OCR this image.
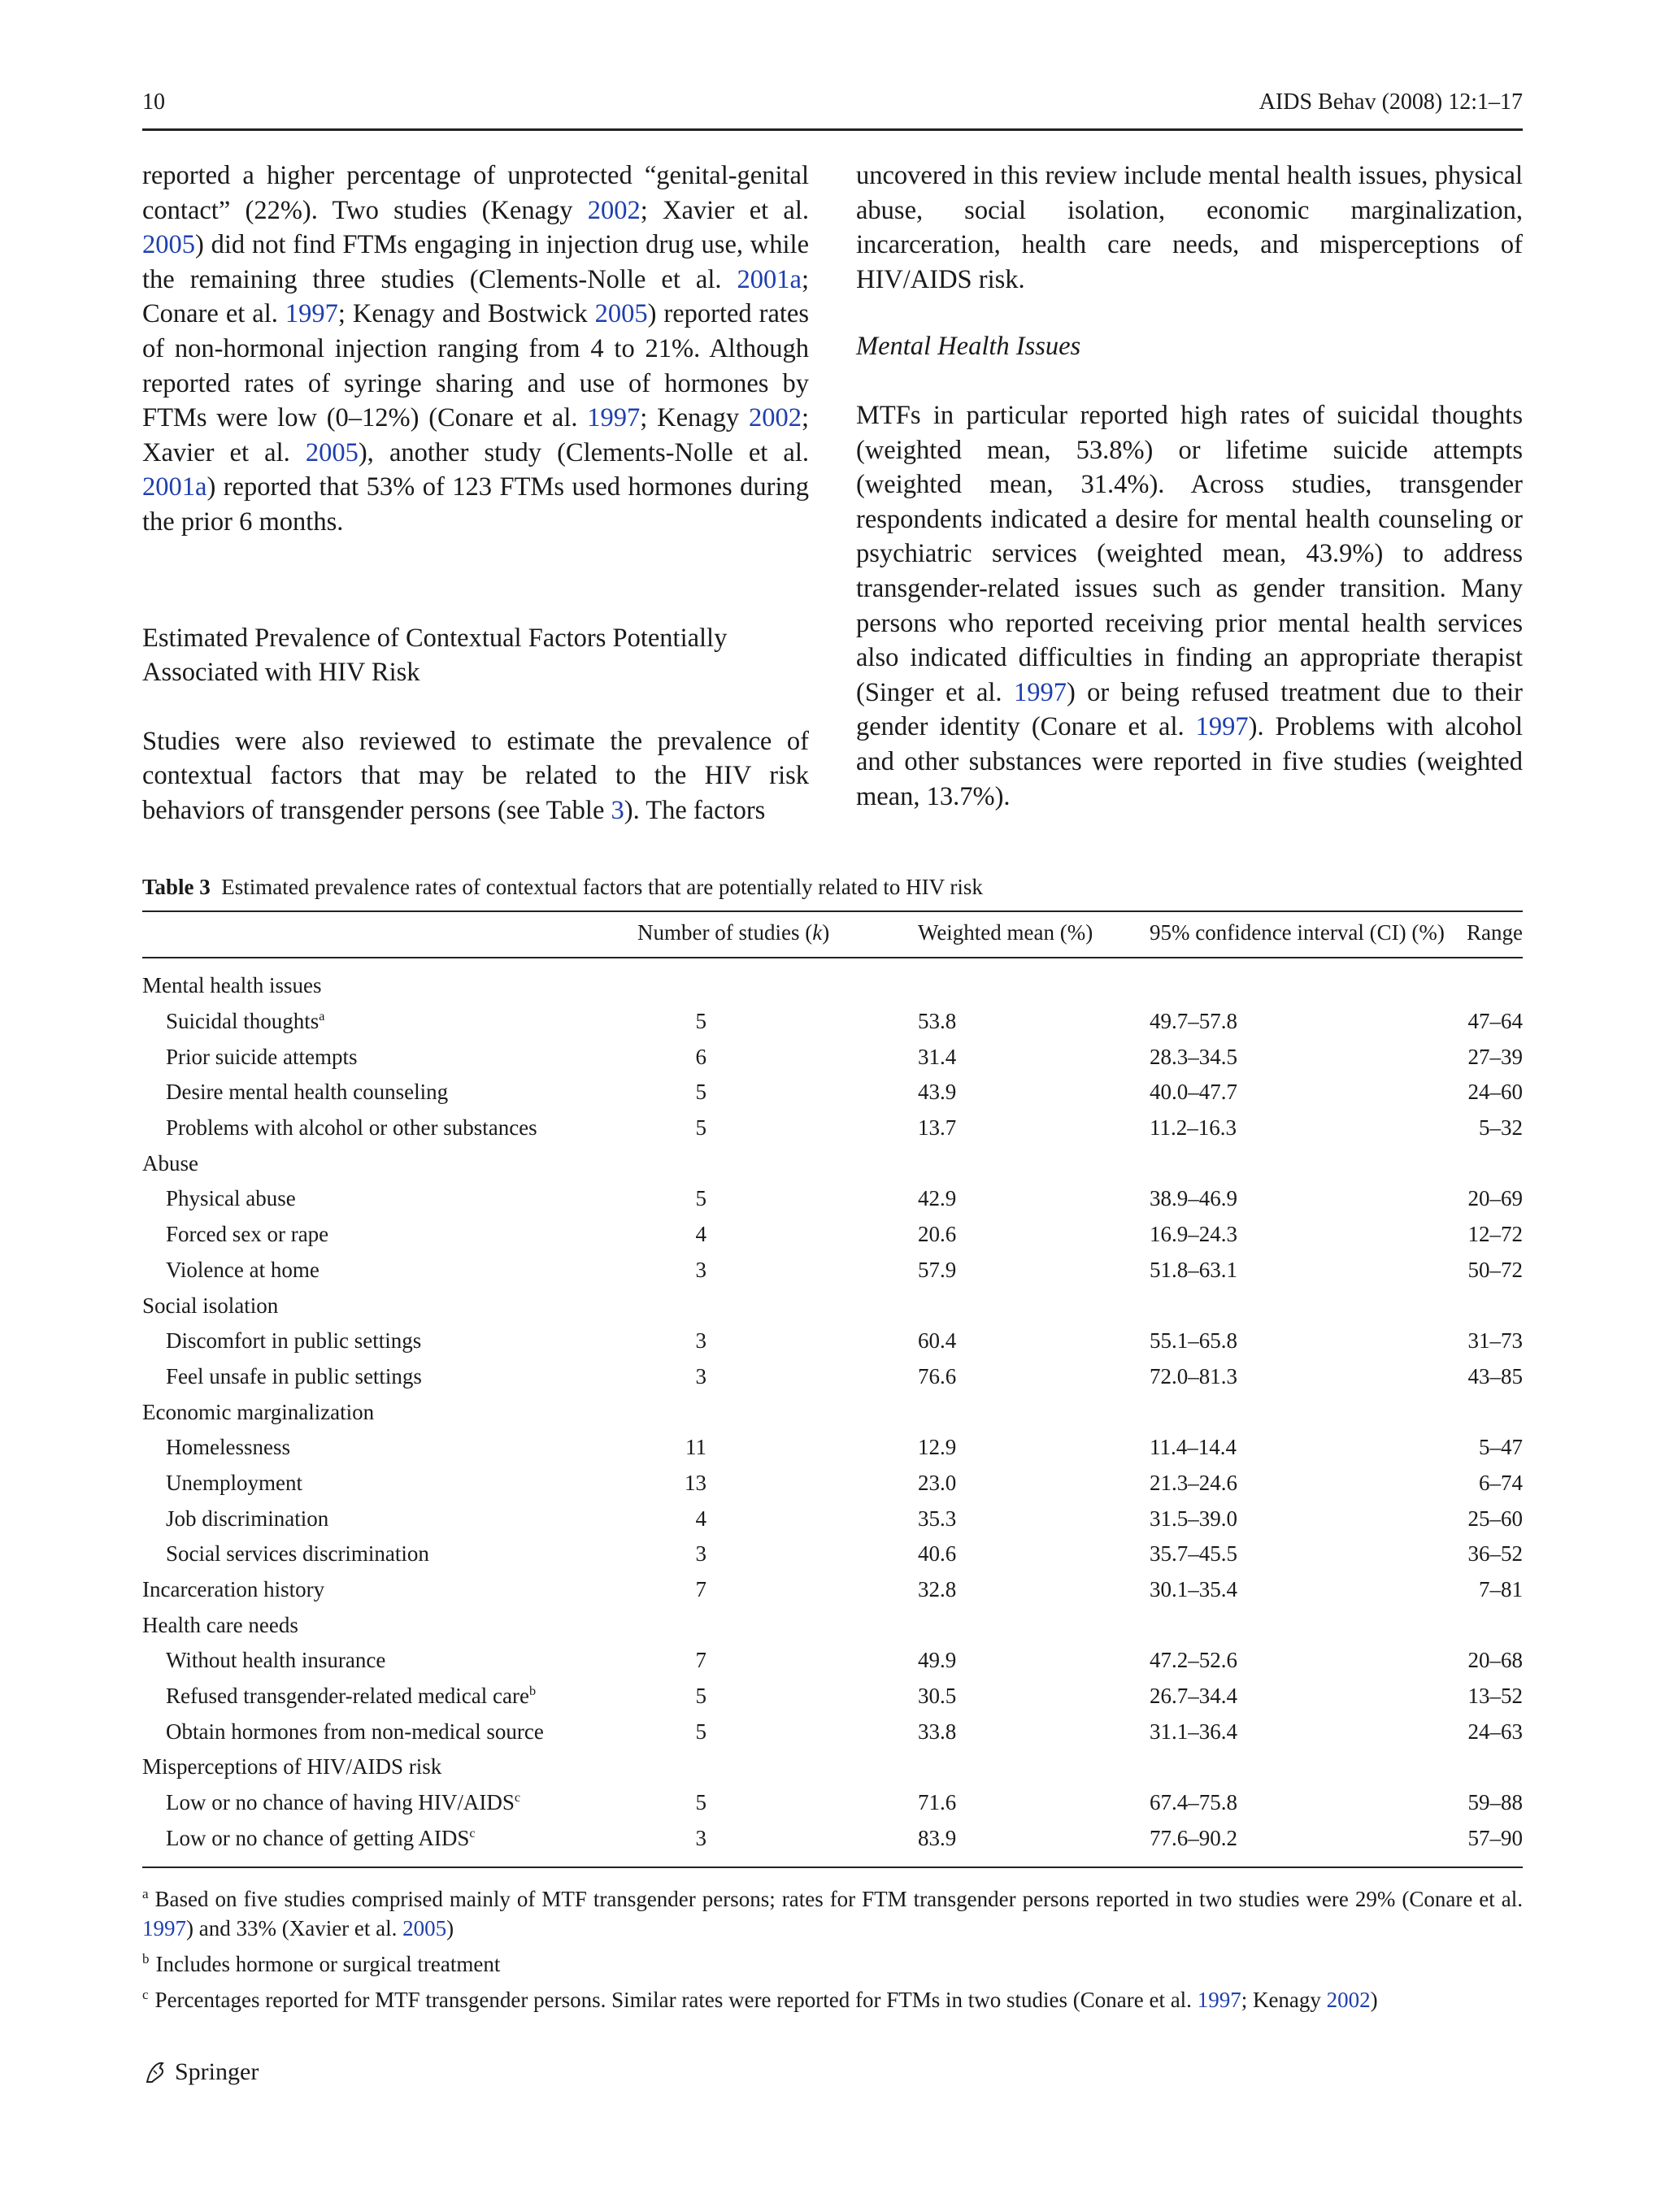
10	AIDS Behav (2008) 12:1–17

reported a higher percentage of unprotected “genital-genital contact” (22%). Two studies (Kenagy 2002; Xavier et al. 2005) did not find FTMs engaging in injection drug use, while the remaining three studies (Clements-Nolle et al. 2001a; Conare et al. 1997; Kenagy and Bostwick 2005) reported rates of non-hormonal injection ranging from 4 to 21%. Although reported rates of syringe sharing and use of hormones by FTMs were low (0–12%) (Conare et al. 1997; Kenagy 2002; Xavier et al. 2005), another study (Clements-Nolle et al. 2001a) reported that 53% of 123 FTMs used hormones during the prior 6 months.

Estimated Prevalence of Contextual Factors Potentially Associated with HIV Risk

Studies were also reviewed to estimate the prevalence of contextual factors that may be related to the HIV risk behaviors of transgender persons (see Table 3). The factors

uncovered in this review include mental health issues, physical abuse, social isolation, economic marginalization, incarceration, health care needs, and misperceptions of HIV/AIDS risk.

Mental Health Issues

MTFs in particular reported high rates of suicidal thoughts (weighted mean, 53.8%) or lifetime suicide attempts (weighted mean, 31.4%). Across studies, transgender respondents indicated a desire for mental health counseling or psychiatric services (weighted mean, 43.9%) to address transgender-related issues such as gender transition. Many persons who reported receiving prior mental health services also indicated difficulties in finding an appropriate therapist (Singer et al. 1997) or being refused treatment due to their gender identity (Conare et al. 1997). Problems with alcohol and other substances were reported in five studies (weighted mean, 13.7%).

Table 3 Estimated prevalence rates of contextual factors that are potentially related to HIV risk
	Number of studies (k)	Weighted mean (%)	95% confidence interval (CI) (%)	Range
Mental health issues				
Suicidal thoughts$^a$	5	53.8	49.7–57.8	47–64
Prior suicide attempts	6	31.4	28.3–34.5	27–39
Desire mental health counseling	5	43.9	40.0–47.7	24–60
Problems with alcohol or other substances	5	13.7	11.2–16.3	5–32
Abuse				
Physical abuse	5	42.9	38.9–46.9	20–69
Forced sex or rape	4	20.6	16.9–24.3	12–72
Violence at home	3	57.9	51.8–63.1	50–72
Social isolation				
Discomfort in public settings	3	60.4	55.1–65.8	31–73
Feel unsafe in public settings	3	76.6	72.0–81.3	43–85
Economic marginalization				
Homelessness	11	12.9	11.4–14.4	5–47
Unemployment	13	23.0	21.3–24.6	6–74
Job discrimination	4	35.3	31.5–39.0	25–60
Social services discrimination	3	40.6	35.7–45.5	36–52
Incarceration history	7	32.8	30.1–35.4	7–81
Health care needs				
Without health insurance	7	49.9	47.2–52.6	20–68
Refused transgender-related medical care$^b$	5	30.5	26.7–34.4	13–52
Obtain hormones from non-medical source	5	33.8	31.1–36.4	24–63
Misperceptions of HIV/AIDS risk				
Low or no chance of having HIV/AIDS$^c$	5	71.6	67.4–75.8	59–88
Low or no chance of getting AIDS$^c$	3	83.9	77.6–90.2	57–90
$^a$ Based on five studies comprised mainly of MTF transgender persons; rates for FTM transgender persons reported in two studies were 29% (Conare et al. 1997) and 33% (Xavier et al. 2005)
$^b$ Includes hormone or surgical treatment
$^c$ Percentages reported for MTF transgender persons. Similar rates were reported for FTMs in two studies (Conare et al. 1997; Kenagy 2002)
Springer
